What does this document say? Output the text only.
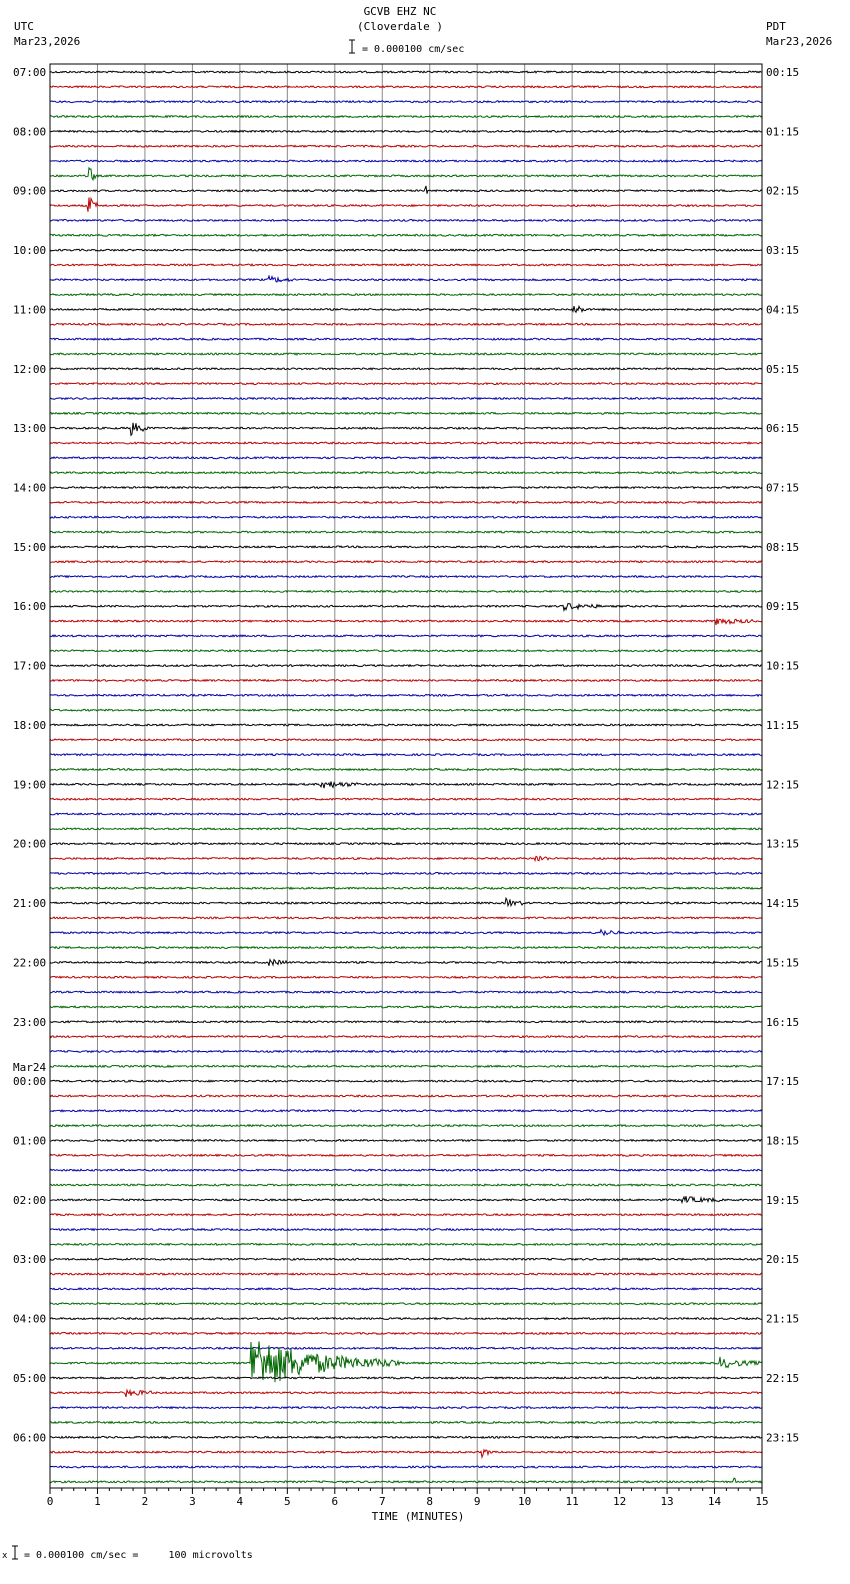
UTC
Mar23,2026
GCVB EHZ NC
(Cloverdale )	PDT
Mar23,2026
= 0.000100 cm/sec
0	1	2	3	4	5	6	7	8	9	10	11	12	13	14	15
07:00
08:00
09:00
10:00
11:00
12:00
13:00
14:00
15:00
16:00
17:00
18:00
19:00
20:00
21:00
22:00
23:00
00:00
Mar24
01:00
02:00
03:00
04:00
05:00
06:00
00:15
01:15
02:15
03:15
04:15
05:15
06:15
07:15
08:15
09:15
10:15
11:15
12:15
13:15
14:15
15:15
16:15
17:15
18:15
19:15
20:15
21:15
22:15
23:15
TIME (MINUTES)
x = 0.000100 cm/sec =     100 microvolts
